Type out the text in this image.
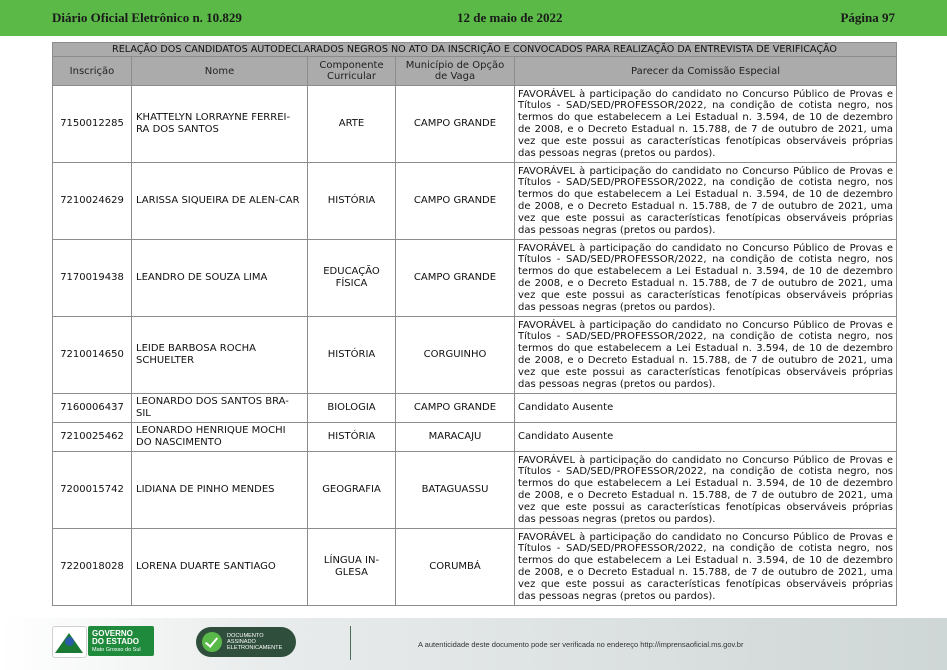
Diário Oficial Eletrônico n. 10.829	12 de maio de 2022	Página 97
RELAÇÃO DOS CANDIDATOS AUTODECLARADOS NEGROS NO ATO DA INSCRIÇÃO E CONVOCADOS PARA REALIZAÇÃO DA ENTREVISTA DE VERIFICAÇÃO				
Inscrição	Nome	Componente Curricular	Município de Opção de Vaga	Parecer da Comissão Especial
7150012285	KHATTELYN LORRAYNE FERREI-RA DOS SANTOS	ARTE	CAMPO GRANDE	FAVORÁVEL à participação do candidato no Concurso Público de Provas e Títulos - SAD/SED/PROFESSOR/2022, na condição de cotista negro, nos termos do que estabelecem a Lei Estadual n. 3.594, de 10 de dezembro de 2008, e o Decreto Estadual n. 15.788, de 7 de outubro de 2021, uma vez que este possui as características fenotípicas observáveis próprias das pessoas negras (pretos ou pardos).
7210024629	LARISSA SIQUEIRA DE ALEN-CAR	HISTÓRIA	CAMPO GRANDE	FAVORÁVEL à participação do candidato no Concurso Público de Provas e Títulos - SAD/SED/PROFESSOR/2022, na condição de cotista negro, nos termos do que estabelecem a Lei Estadual n. 3.594, de 10 de dezembro de 2008, e o Decreto Estadual n. 15.788, de 7 de outubro de 2021, uma vez que este possui as características fenotípicas observáveis próprias das pessoas negras (pretos ou pardos).
7170019438	LEANDRO DE SOUZA LIMA	EDUCAÇÃO FÍSICA	CAMPO GRANDE	FAVORÁVEL à participação do candidato no Concurso Público de Provas e Títulos - SAD/SED/PROFESSOR/2022, na condição de cotista negro, nos termos do que estabelecem a Lei Estadual n. 3.594, de 10 de dezembro de 2008, e o Decreto Estadual n. 15.788, de 7 de outubro de 2021, uma vez que este possui as características fenotípicas observáveis próprias das pessoas negras (pretos ou pardos).
7210014650	LEIDE BARBOSA ROCHA SCHUELTER	HISTÓRIA	CORGUINHO	FAVORÁVEL à participação do candidato no Concurso Público de Provas e Títulos - SAD/SED/PROFESSOR/2022, na condição de cotista negro, nos termos do que estabelecem a Lei Estadual n. 3.594, de 10 de dezembro de 2008, e o Decreto Estadual n. 15.788, de 7 de outubro de 2021, uma vez que este possui as características fenotípicas observáveis próprias das pessoas negras (pretos ou pardos).
7160006437	LEONARDO DOS SANTOS BRA-SIL	BIOLOGIA	CAMPO GRANDE	Candidato Ausente
7210025462	LEONARDO HENRIQUE MOCHI DO NASCIMENTO	HISTÓRIA	MARACAJU	Candidato Ausente
7200015742	LIDIANA DE PINHO MENDES	GEOGRAFIA	BATAGUASSU	FAVORÁVEL à participação do candidato no Concurso Público de Provas e Títulos - SAD/SED/PROFESSOR/2022, na condição de cotista negro, nos termos do que estabelecem a Lei Estadual n. 3.594, de 10 de dezembro de 2008, e o Decreto Estadual n. 15.788, de 7 de outubro de 2021, uma vez que este possui as características fenotípicas observáveis próprias das pessoas negras (pretos ou pardos).
7220018028	LORENA DUARTE SANTIAGO	LÍNGUA IN-GLESA	CORUMBÁ	FAVORÁVEL à participação do candidato no Concurso Público de Provas e Títulos - SAD/SED/PROFESSOR/2022, na condição de cotista negro, nos termos do que estabelecem a Lei Estadual n. 3.594, de 10 de dezembro de 2008, e o Decreto Estadual n. 15.788, de 7 de outubro de 2021, uma vez que este possui as características fenotípicas observáveis próprias das pessoas negras (pretos ou pardos).
GOVERNO
DO ESTADO
Mato Grosso do Sul
DOCUMENTO
ASSINADO
ELETRONICAMENTE	A autenticidade deste documento pode ser verificada no endereço http://imprensaoficial.ms.gov.br
